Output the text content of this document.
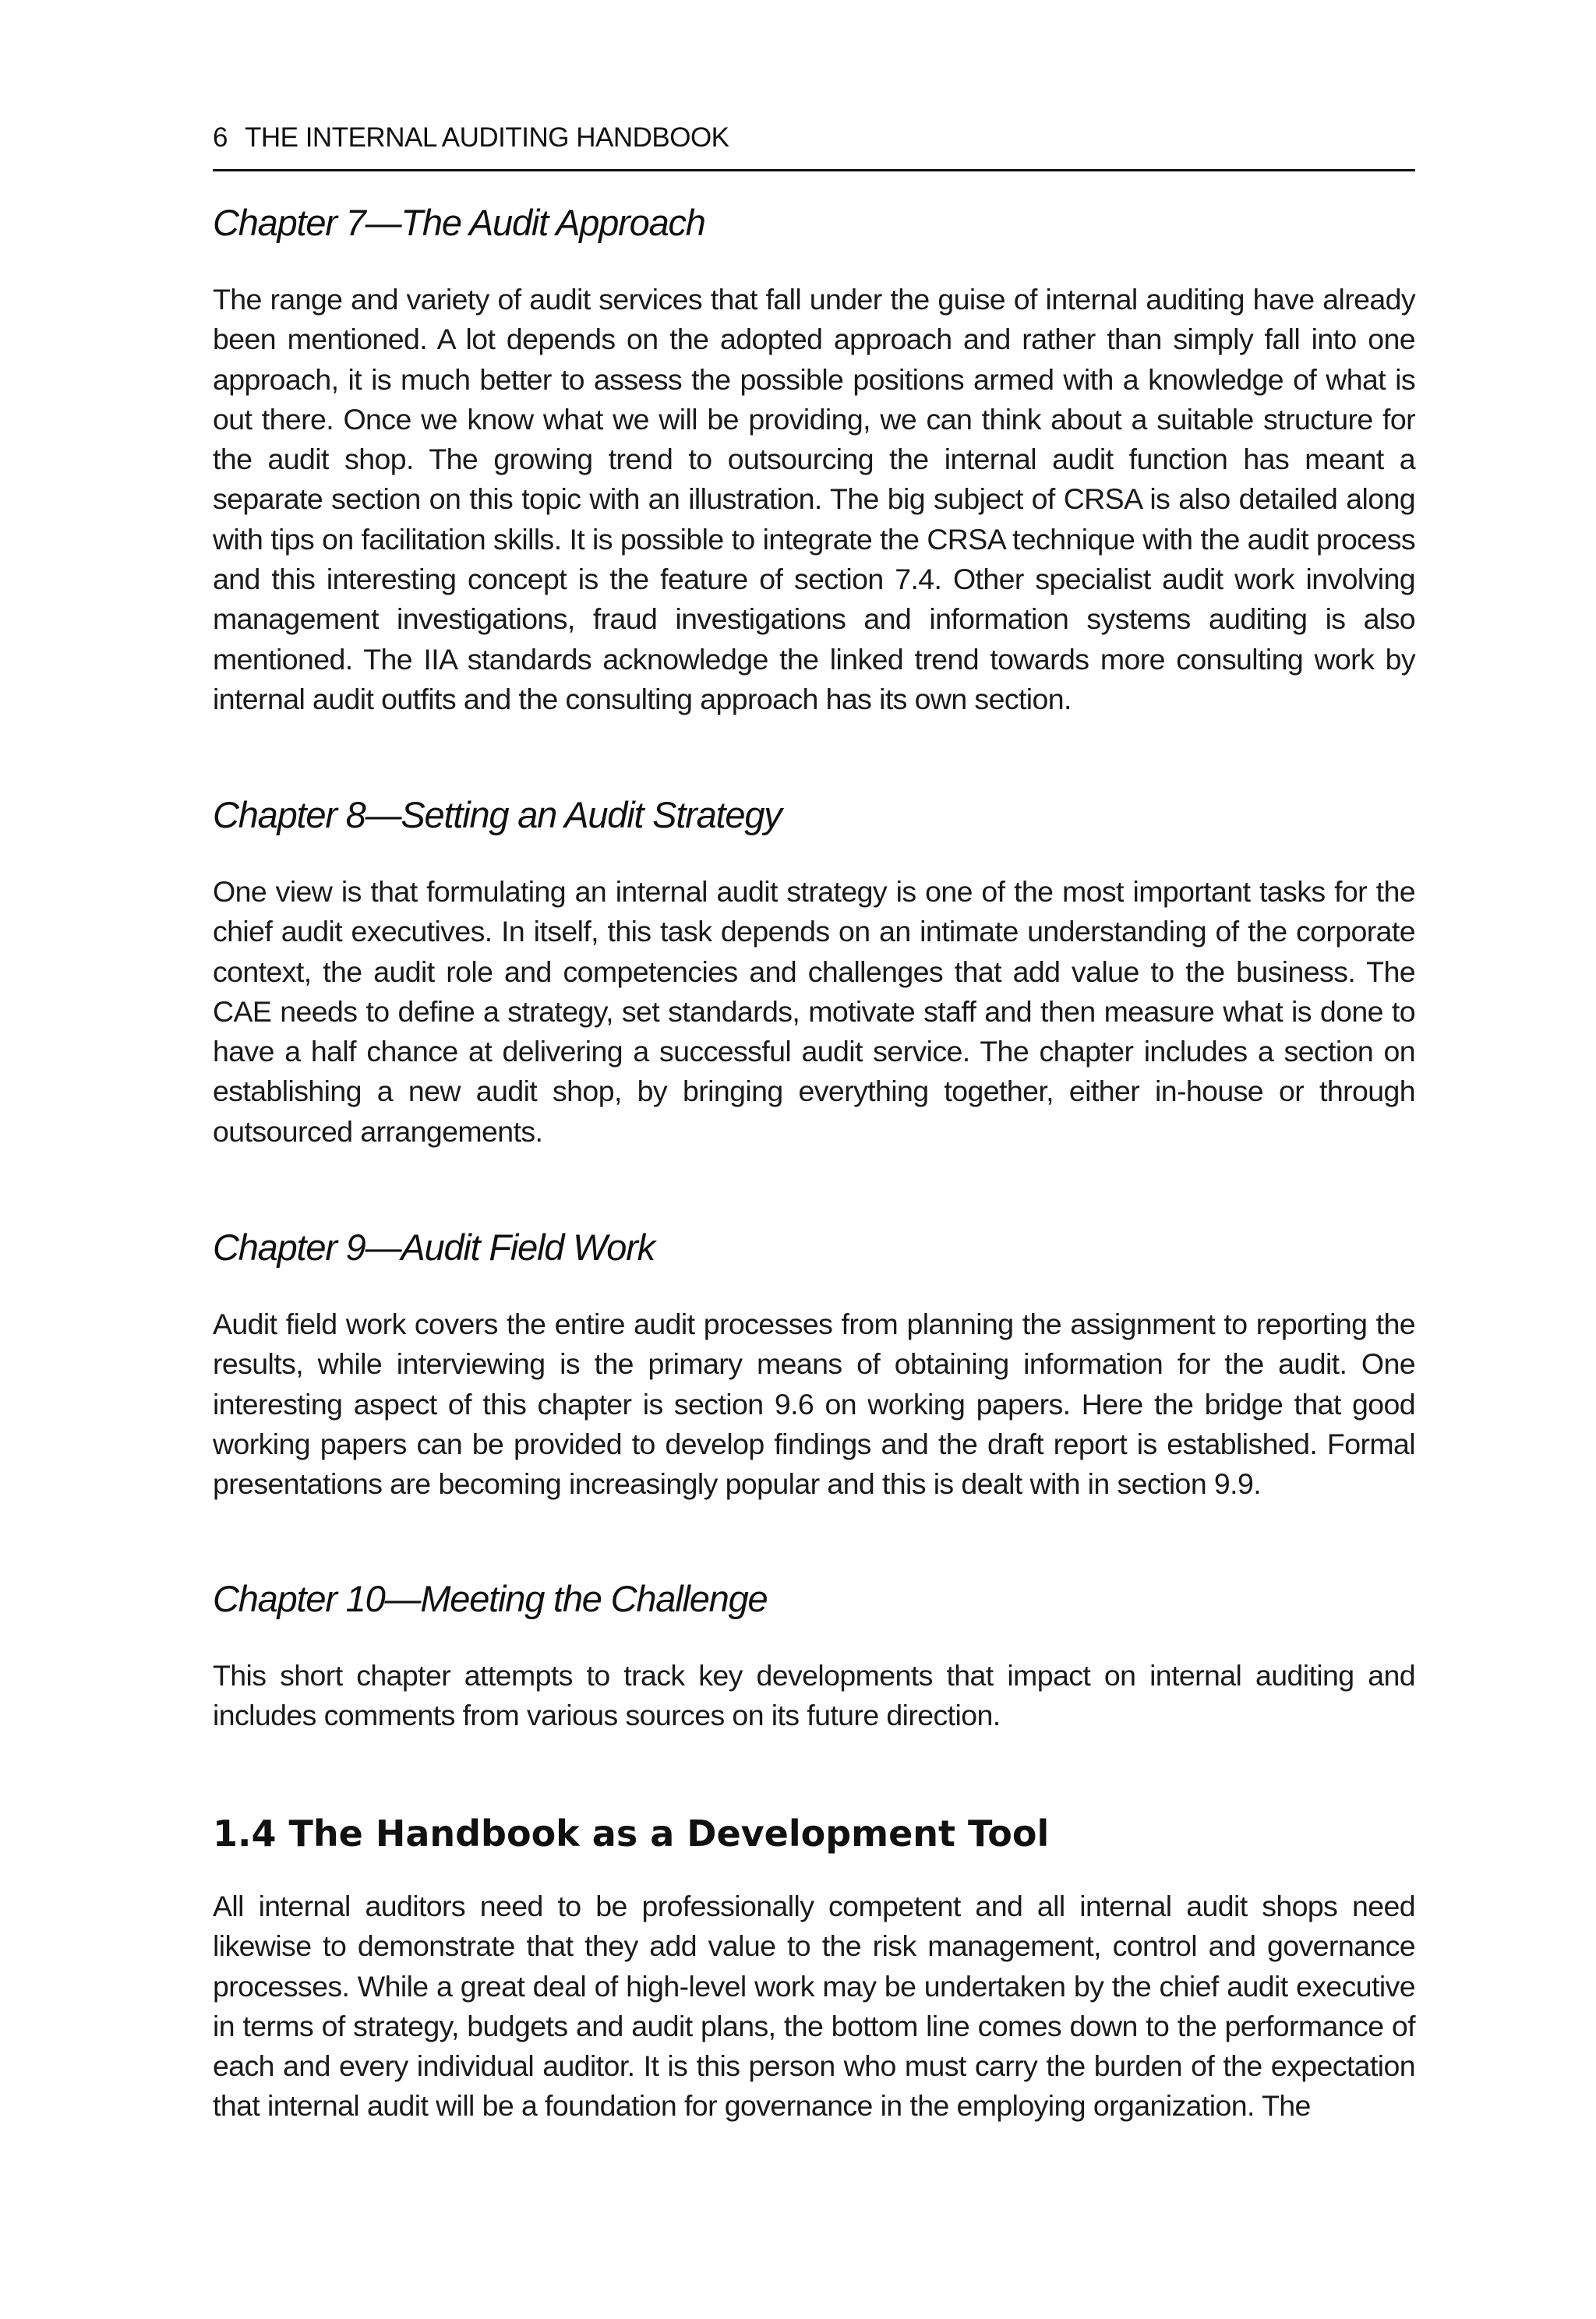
6 THE INTERNAL AUDITING HANDBOOK
Chapter 7—The Audit Approach

The range and variety of audit services that fall under the guise of internal auditing have already been mentioned. A lot depends on the adopted approach and rather than simply fall into one approach, it is much better to assess the possible positions armed with a knowledge of what is out there. Once we know what we will be providing, we can think about a suitable structure for the audit shop. The growing trend to outsourcing the internal audit function has meant a separate section on this topic with an illustration. The big subject of CRSA is also detailed along with tips on facilitation skills. It is possible to integrate the CRSA technique with the audit process and this interesting concept is the feature of section 7.4. Other specialist audit work involving management investigations, fraud investigations and information systems auditing is also mentioned. The IIA standards acknowledge the linked trend towards more consulting work by internal audit outfits and the consulting approach has its own section.

Chapter 8—Setting an Audit Strategy

One view is that formulating an internal audit strategy is one of the most important tasks for the chief audit executives. In itself, this task depends on an intimate understanding of the corporate context, the audit role and competencies and challenges that add value to the business. The CAE needs to define a strategy, set standards, motivate staff and then measure what is done to have a half chance at delivering a successful audit service. The chapter includes a section on establishing a new audit shop, by bringing everything together, either in-house or through outsourced arrangements.

Chapter 9—Audit Field Work

Audit field work covers the entire audit processes from planning the assignment to reporting the results, while interviewing is the primary means of obtaining information for the audit. One interesting aspect of this chapter is section 9.6 on working papers. Here the bridge that good working papers can be provided to develop findings and the draft report is established. Formal presentations are becoming increasingly popular and this is dealt with in section 9.9.

Chapter 10—Meeting the Challenge

This short chapter attempts to track key developments that impact on internal auditing and includes comments from various sources on its future direction.

1.4 The Handbook as a Development Tool

All internal auditors need to be professionally competent and all internal audit shops need likewise to demonstrate that they add value to the risk management, control and governance processes. While a great deal of high-level work may be undertaken by the chief audit executive in terms of strategy, budgets and audit plans, the bottom line comes down to the performance of each and every individual auditor. It is this person who must carry the burden of the expectation that internal audit will be a foundation for governance in the employing organization. The
